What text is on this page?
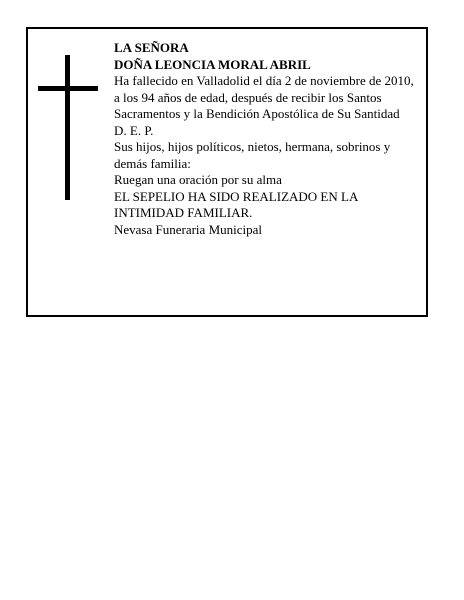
LA SEÑORA
DOÑA LEONCIA MORAL ABRIL
Ha fallecido en Valladolid el día 2 de noviembre de 2010, a los 94 años de edad, después de recibir los Santos Sacramentos y la Bendición Apostólica de Su Santidad
D. E. P.
Sus hijos, hijos políticos, nietos, hermana, sobrinos y demás familia:
Ruegan una oración por su alma
EL SEPELIO HA SIDO REALIZADO EN LA INTIMIDAD FAMILIAR.
Nevasa Funeraria Municipal
